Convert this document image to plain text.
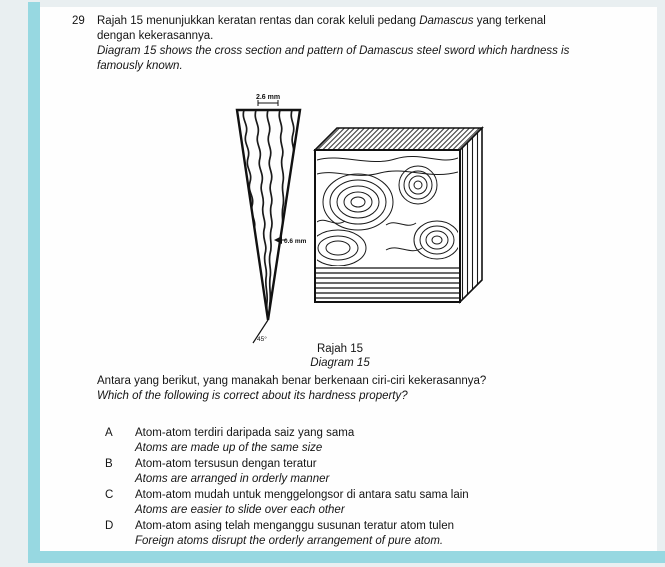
29 Rajah 15 menunjukkan keratan rentas dan corak keluli pedang Damascus yang terkenal dengan kekerasannya.

Diagram 15 shows the cross section and pattern of Damascus steel sword which hardness is famously known.

2.6 mm
0.6 mm
45°
Rajah 15
Diagram 15

Antara yang berikut, yang manakah benar berkenaan ciri-ciri kekerasannya?

Which of the following is correct about its hardness property?

A	Atom-atom terdiri daripada saiz yang sama

Atoms are made up of the same size

B	Atom-atom tersusun dengan teratur

Atoms are arranged in orderly manner

C	Atom-atom mudah untuk menggelongsor di antara satu sama lain

Atoms are easier to slide over each other

D	Atom-atom asing telah menganggu susunan teratur atom tulen

Foreign atoms disrupt the orderly arrangement of pure atom.
